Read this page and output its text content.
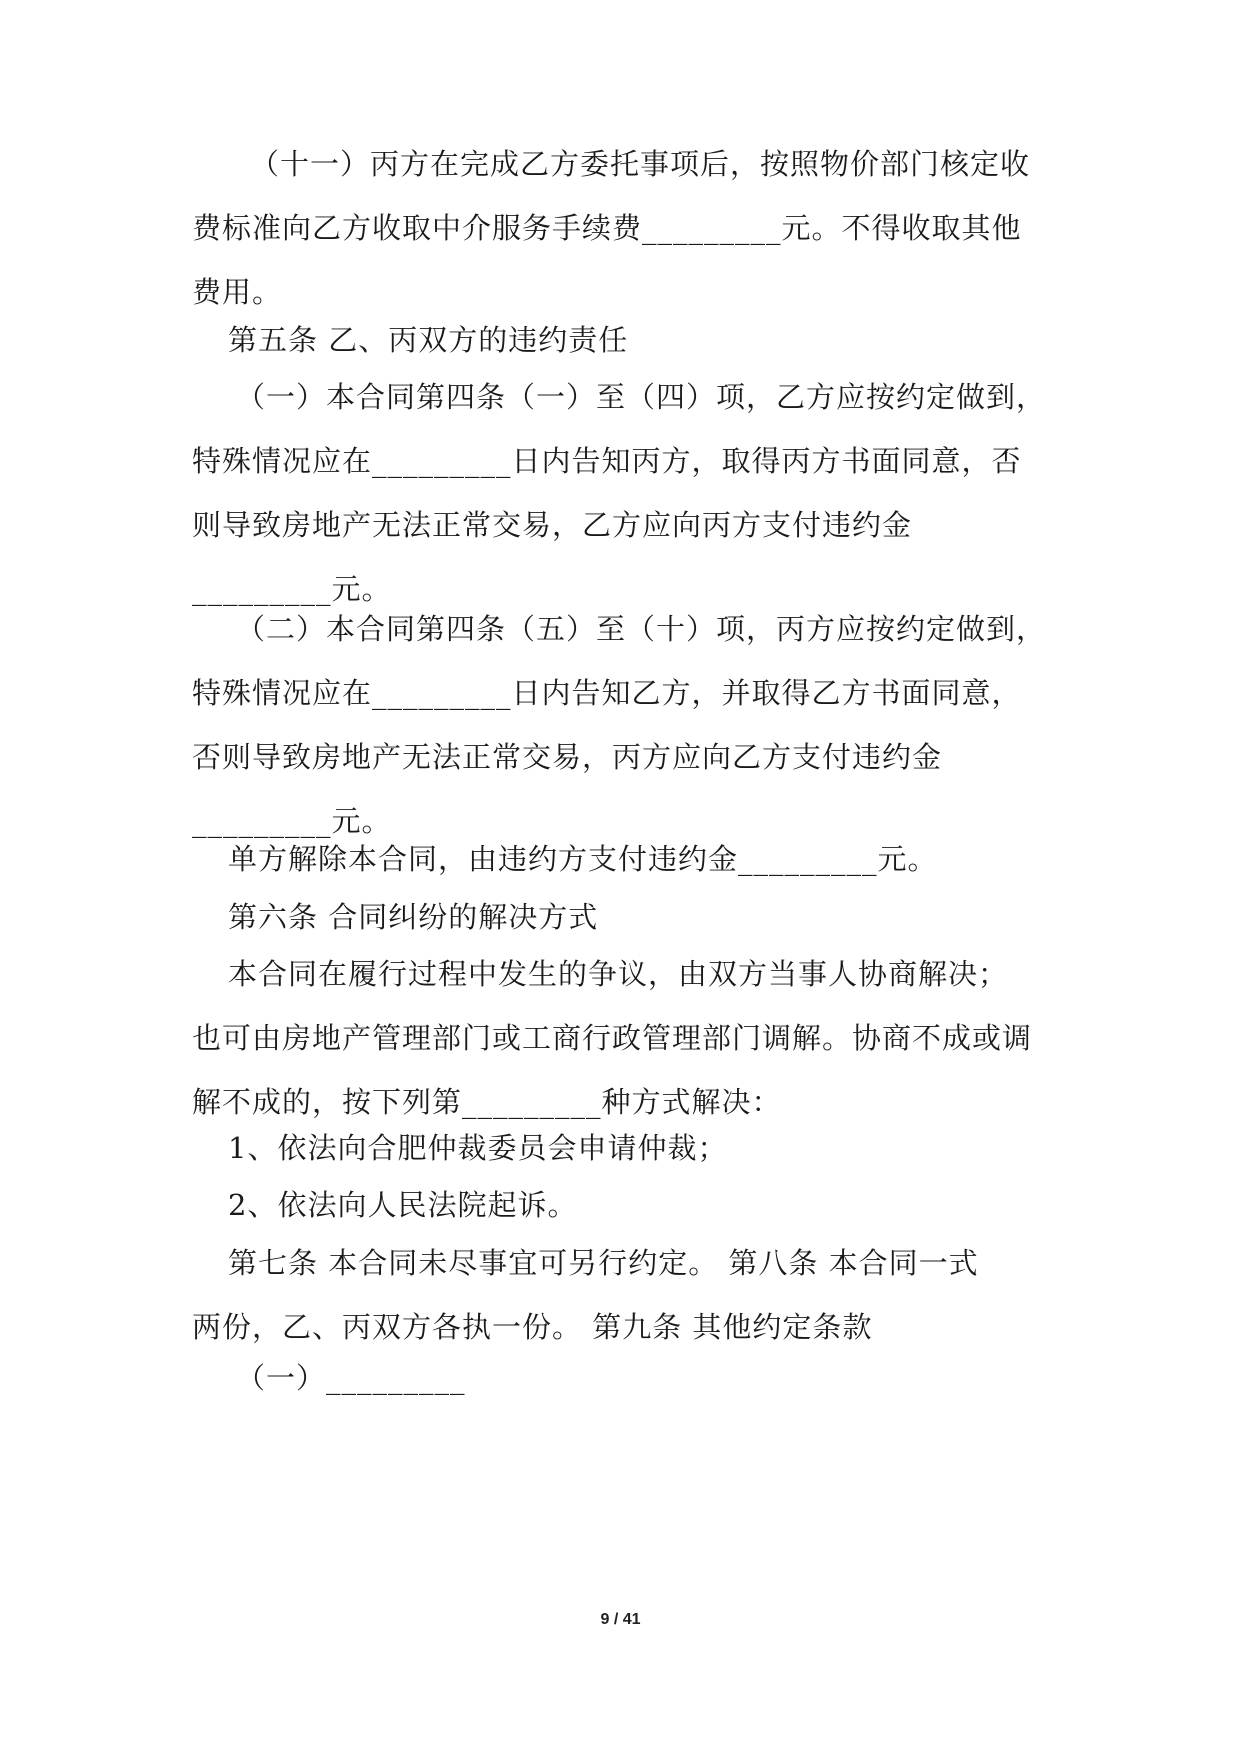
（十一）丙方在完成乙方委托事项后，按照物价部门核定收
费标准向乙方收取中介服务手续费_________元。不得收取其他
费用。

第五条 乙、丙双方的违约责任

（一）本合同第四条（一）至（四）项，乙方应按约定做到，
特殊情况应在_________日内告知丙方，取得丙方书面同意，否
则导致房地产无法正常交易，乙方应向丙方支付违约金
_________元。

（二）本合同第四条（五）至（十）项，丙方应按约定做到，
特殊情况应在_________日内告知乙方，并取得乙方书面同意，
否则导致房地产无法正常交易，丙方应向乙方支付违约金
_________元。

单方解除本合同，由违约方支付违约金_________元。

第六条 合同纠纷的解决方式

本合同在履行过程中发生的争议，由双方当事人协商解决；
也可由房地产管理部门或工商行政管理部门调解。协商不成或调
解不成的，按下列第_________种方式解决：

1、依法向合肥仲裁委员会申请仲裁；

2、依法向人民法院起诉。

第七条 本合同未尽事宜可另行约定。 第八条 本合同一式
两份，乙、丙双方各执一份。 第九条 其他约定条款

（一）_________

9 / 41
